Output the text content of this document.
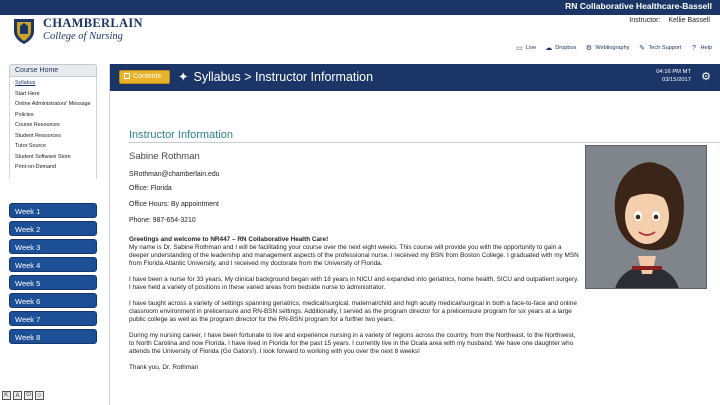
RN Collaborative Healthcare-Bassell
CHAMBERLAIN
College of Nursing
Instructor: Kellie Bassell
▭ Live ☁ Dropbox ⚙ Webliography ✎ Tech Support	? Help
Course Home
Syllabus
Start Here
Online Administrators' Message
Policies
Course Resources
Student Resources
Tutor Source
Student Software Store
Print-on-Demand
Week 1
Week 2
Week 3
Week 4
Week 5
Week 6
Week 7
Week 8
Contents	✦ Syllabus > Instructor Information	04:16 PM MT
03/15/2017 ⚙
Instructor Information
Sabine Rothman
SRothman@chamberlain.edu
Office: Florida
Office Hours: By appointment
Phone: 987-654-3210

Greetings and welcome to NR447 – RN Collaborative Health Care!
My name is Dr. Sabine Rothman and I will be facilitating your course over the next eight weeks. This course will provide you with the opportunity to gain a deeper understanding of the leadership and management aspects of the professional nurse. I received my BSN from Boston College. I graduated with my MSN from Florida Atlantic University, and I received my doctorate from the University of Florida.

I have been a nurse for 33 years. My clinical background began with 18 years in NICU and expanded into geriatrics, home health, SICU and outpatient surgery. I have held a variety of positions in these varied areas from bedside nurse to administrator.

I have taught across a variety of settings spanning geriatrics, medical/surgical, maternal/child and high acuity medical/surgical in both a face-to-face and online classroom environment in prelicensure and RN-BSN settings. Additionally, I served as the program director for a prelicensure program for six years at a large public college as well as the program director for the RN-BSN program for a further two years.

During my nursing career, I have been fortunate to live and experience nursing in a variety of regions across the country, from the Northeast, to the Northwest, to North Carolina and now Florida. I have lived in Florida for the past 15 years. I currently live in the Ocala area with my husband. We have one daughter who attends the University of Florida (Go Gators!). I look forward to working with you over the next 8 weeks!

Thank you, Dr. Rothman

⇱	A	⏻ ☺
